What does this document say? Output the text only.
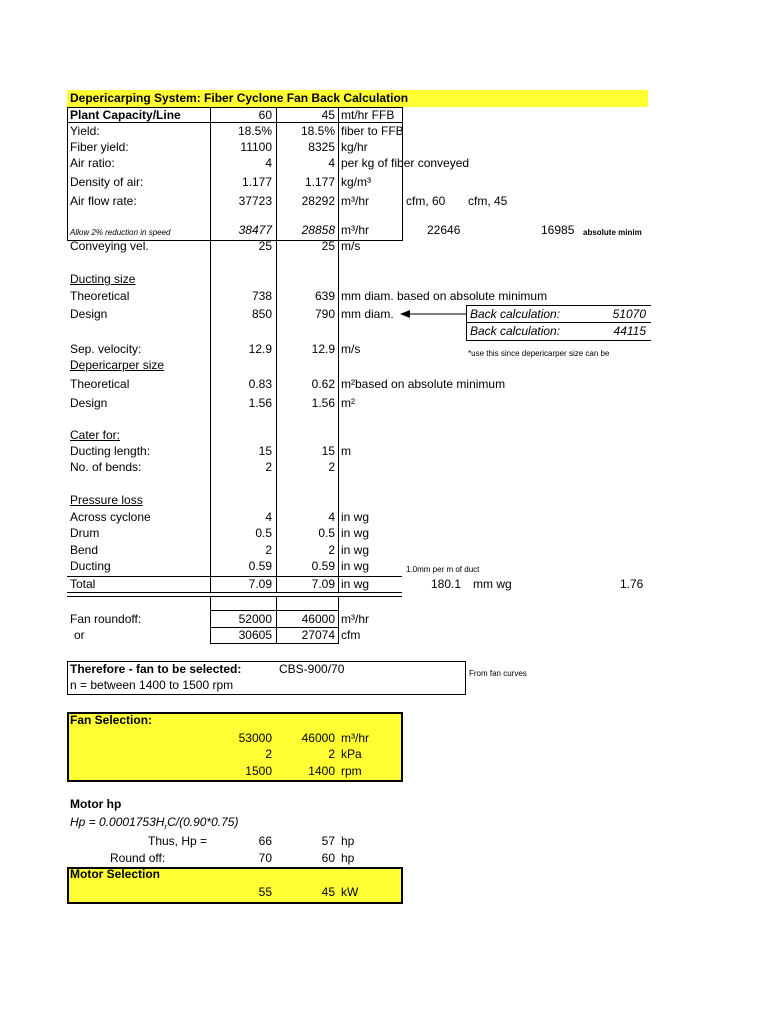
Depericarping System: Fiber Cyclone Fan Back Calculation
Plant Capacity/Line	60	45 mt/hr FFB
Yield:	18.5%	18.5% fiber to FFB
Fiber yield:	11100	8325 kg/hr
Air ratio:	4	4 per kg of fiber conveyed
Density of air:	1.177	1.177 kg/m³
Air flow rate:	37723	28292 m³/hr	cfm, 60 cfm, 45
Allow 2% reduction in speed	38477	28858 m³/hr	22646	16985 absolute minim
Conveying vel.	25	25 m/s
Ducting size
Theoretical	738	639 mm diam. based on absolute minimum
Design	850	790 mm diam.	Back calculation:	51070
Back calculation:	44115
*use this since depericarper size can be
Sep. velocity:	12.9	12.9 m/s
Depericarper size
Theoretical	0.83	0.62 m²based on absolute minimum
Design	1.56	1.56 m²
Cater for:
Ducting length:	15	15 m
No. of bends:	2	2
Pressure loss
Across cyclone	4	4 in wg
Drum	0.5	0.5 in wg
Bend	2	2 in wg
Ducting	0.59	0.59 in wg	1.0mm per m of duct
Total	7.09	7.09 in wg	180.1 mm wg	1.76
Fan roundoff:	52000	46000 m³/hr
or	30605	27074 cfm
Therefore - fan to be selected:	CBS-900/70
n = between 1400 to 1500 rpm
From fan curves
Fan Selection:
53000	46000 m³/hr
2	2 kPa
1500	1400 rpm
Motor hp
$Hp = 0.0001753H_rC/(0.90*0.75)$
Thus, Hp =	66	57 hp
Round off:	70	60 hp
Motor Selection
55	45 kW
